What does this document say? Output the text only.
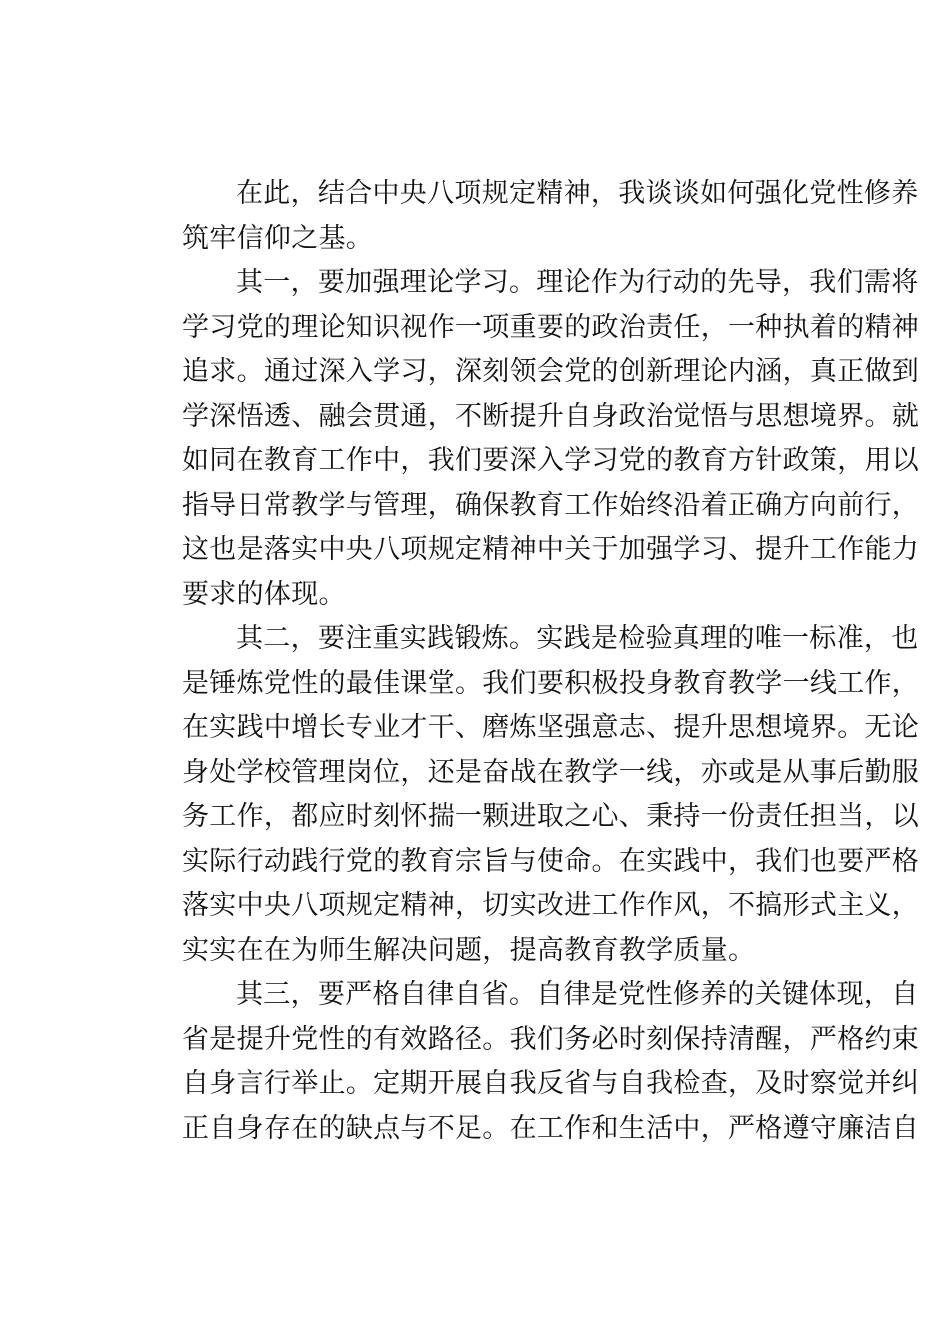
在此，结合中央八项规定精神，我谈谈如何强化党性修养
筑牢信仰之基。

其一，要加强理论学习。理论作为行动的先导，我们需将
学习党的理论知识视作一项重要的政治责任，一种执着的精神
追求。通过深入学习，深刻领会党的创新理论内涵，真正做到
学深悟透、融会贯通，不断提升自身政治觉悟与思想境界。就
如同在教育工作中，我们要深入学习党的教育方针政策，用以
指导日常教学与管理，确保教育工作始终沿着正确方向前行，
这也是落实中央八项规定精神中关于加强学习、提升工作能力
要求的体现。

其二，要注重实践锻炼。实践是检验真理的唯一标准，也
是锤炼党性的最佳课堂。我们要积极投身教育教学一线工作，
在实践中增长专业才干、磨炼坚强意志、提升思想境界。无论
身处学校管理岗位，还是奋战在教学一线，亦或是从事后勤服
务工作，都应时刻怀揣一颗进取之心、秉持一份责任担当，以
实际行动践行党的教育宗旨与使命。在实践中，我们也要严格
落实中央八项规定精神，切实改进工作作风，不搞形式主义，
实实在在为师生解决问题，提高教育教学质量。

其三，要严格自律自省。自律是党性修养的关键体现，自
省是提升党性的有效路径。我们务必时刻保持清醒，严格约束
自身言行举止。定期开展自我反省与自我检查，及时察觉并纠
正自身存在的缺点与不足。在工作和生活中，严格遵守廉洁自
